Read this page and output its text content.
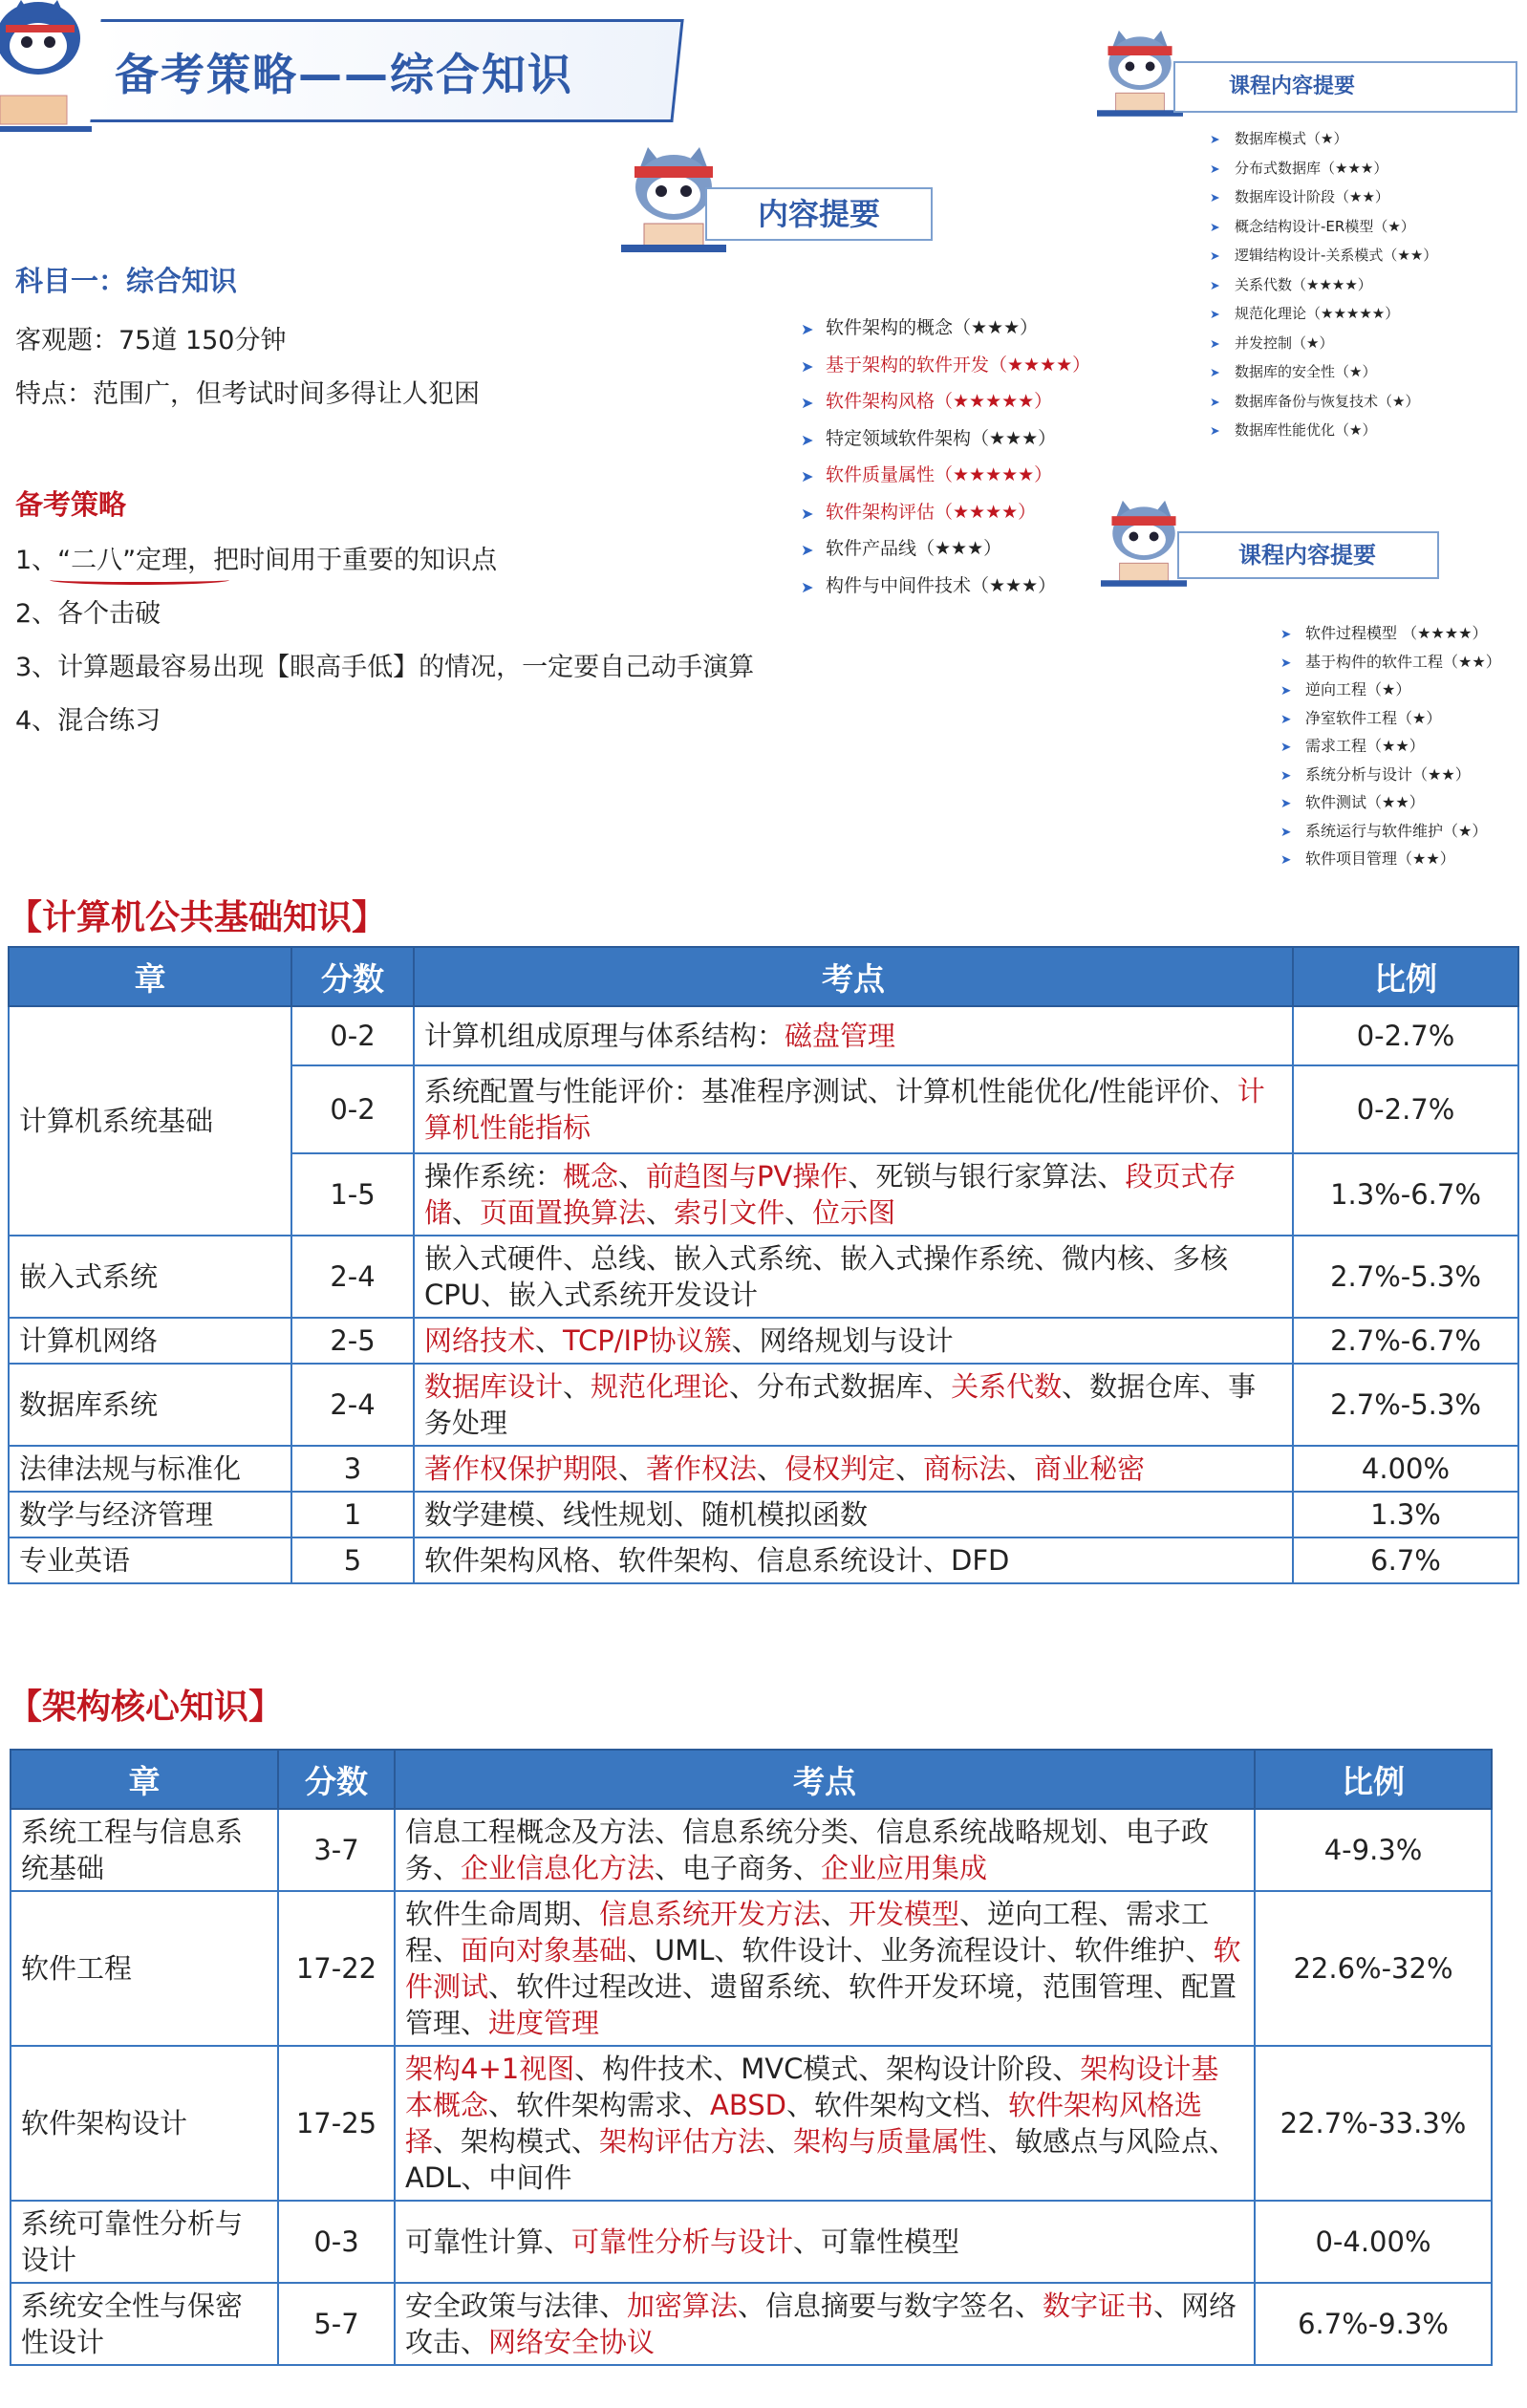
备考策略——综合知识
内容提要
课程内容提要
课程内容提要
科目一：综合知识
客观题：75道 150分钟
特点：范围广，但考试时间多得让人犯困
备考策略
1、“二八”定理，把时间用于重要的知识点
2、各个击破
3、计算题最容易出现【眼高手低】的情况，一定要自己动手演算
4、混合练习
➤ 软件架构的概念（★★★）
➤ 基于架构的软件开发（★★★★）
➤ 软件架构风格（★★★★★）
➤ 特定领域软件架构（★★★）
➤ 软件质量属性（★★★★★）
➤ 软件架构评估（★★★★）
➤ 软件产品线（★★★）
➤ 构件与中间件技术（★★★）
➤ 数据库模式（★）
➤ 分布式数据库（★★★）
➤ 数据库设计阶段（★★）
➤ 概念结构设计-ER模型（★）
➤ 逻辑结构设计-关系模式（★★）
➤ 关系代数（★★★★）
➤ 规范化理论（★★★★★）
➤ 并发控制（★）
➤ 数据库的安全性（★）
➤ 数据库备份与恢复技术（★）
➤ 数据库性能优化（★）
➤ 软件过程模型 （★★★★）
➤ 基于构件的软件工程（★★）
➤ 逆向工程（★）
➤ 净室软件工程（★）
➤ 需求工程（★★）
➤ 系统分析与设计（★★）
➤ 软件测试（★★）
➤ 系统运行与软件维护（★）
➤ 软件项目管理（★★）
【计算机公共基础知识】
章	分数	考点	比例
计算机系统基础	0-2	计算机组成原理与体系结构：磁盘管理	0-2.7%
	0-2	系统配置与性能评价：基准程序测试、计算机性能优化/性能评价、计算机性能指标	0-2.7%
	1-5	操作系统：概念、前趋图与PV操作、死锁与银行家算法、段页式存储、页面置换算法、索引文件、位示图	1.3%-6.7%
嵌入式系统	2-4	嵌入式硬件、总线、嵌入式系统、嵌入式操作系统、微内核、多核CPU、嵌入式系统开发设计	2.7%-5.3%
计算机网络	2-5	网络技术、TCP/IP协议簇、网络规划与设计	2.7%-6.7%
数据库系统	2-4	数据库设计、规范化理论、分布式数据库、关系代数、数据仓库、事务处理	2.7%-5.3%
法律法规与标准化	3	著作权保护期限、著作权法、侵权判定、商标法、商业秘密	4.00%
数学与经济管理	1	数学建模、线性规划、随机模拟函数	1.3%
专业英语	5	软件架构风格、软件架构、信息系统设计、DFD	6.7%
【架构核心知识】
章	分数	考点	比例
系统工程与信息系统基础	3-7	信息工程概念及方法、信息系统分类、信息系统战略规划、电子政务、企业信息化方法、电子商务、企业应用集成	4-9.3%
软件工程	17-22	软件生命周期、信息系统开发方法、开发模型、逆向工程、需求工程、面向对象基础、UML、软件设计、业务流程设计、软件维护、软件测试、软件过程改进、遗留系统、软件开发环境，范围管理、配置管理、进度管理	22.6%-32%
软件架构设计	17-25	架构4+1视图、构件技术、MVC模式、架构设计阶段、架构设计基本概念、软件架构需求、ABSD、软件架构文档、软件架构风格选择、架构模式、架构评估方法、架构与质量属性、敏感点与风险点、ADL、中间件	22.7%-33.3%
系统可靠性分析与设计	0-3	可靠性计算、可靠性分析与设计、可靠性模型	0-4.00%
系统安全性与保密性设计	5-7	安全政策与法律、加密算法、信息摘要与数字签名、数字证书、网络攻击、网络安全协议	6.7%-9.3%
